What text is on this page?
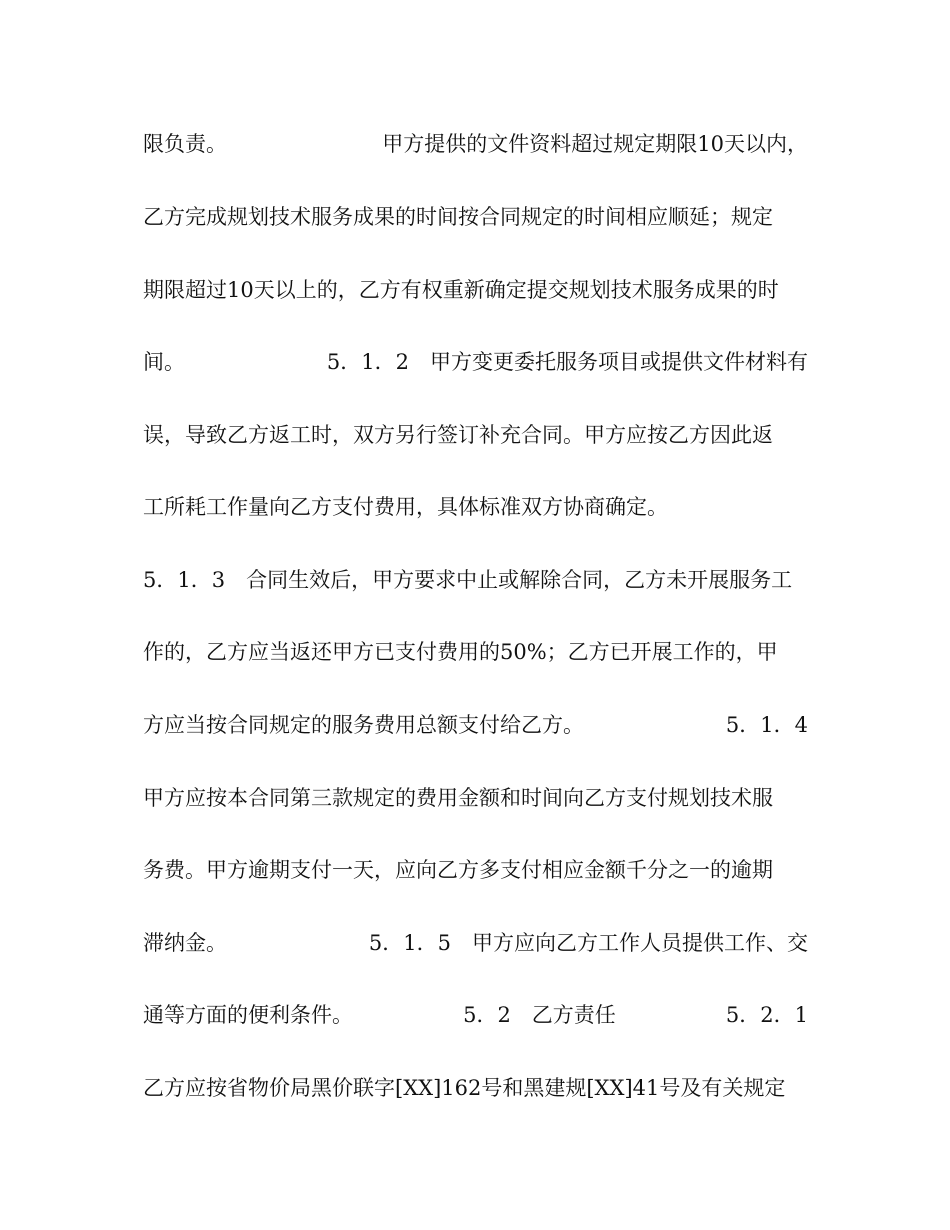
限负责。	甲方提供的文件资料超过规定期限10天以内，
乙方完成规划技术服务成果的时间按合同规定的时间相应顺延；规定
期限超过10天以上的，乙方有权重新确定提交规划技术服务成果的时
间。	5．1．2　甲方变更委托服务项目或提供文件材料有
误，导致乙方返工时，双方另行签订补充合同。甲方应按乙方因此返
工所耗工作量向乙方支付费用，具体标准双方协商确定。
5．1．3　合同生效后，甲方要求中止或解除合同，乙方未开展服务工
作的，乙方应当返还甲方已支付费用的50%；乙方已开展工作的，甲
方应当按合同规定的服务费用总额支付给乙方。	5．1．4
甲方应按本合同第三款规定的费用金额和时间向乙方支付规划技术服
务费。甲方逾期支付一天，应向乙方多支付相应金额千分之一的逾期
滞纳金。	5．1．5　甲方应向乙方工作人员提供工作、交
通等方面的便利条件。	5．2　乙方责任	5．2．1
乙方应按省物价局黑价联字[XX]162号和黑建规[XX]41号及有关规定
